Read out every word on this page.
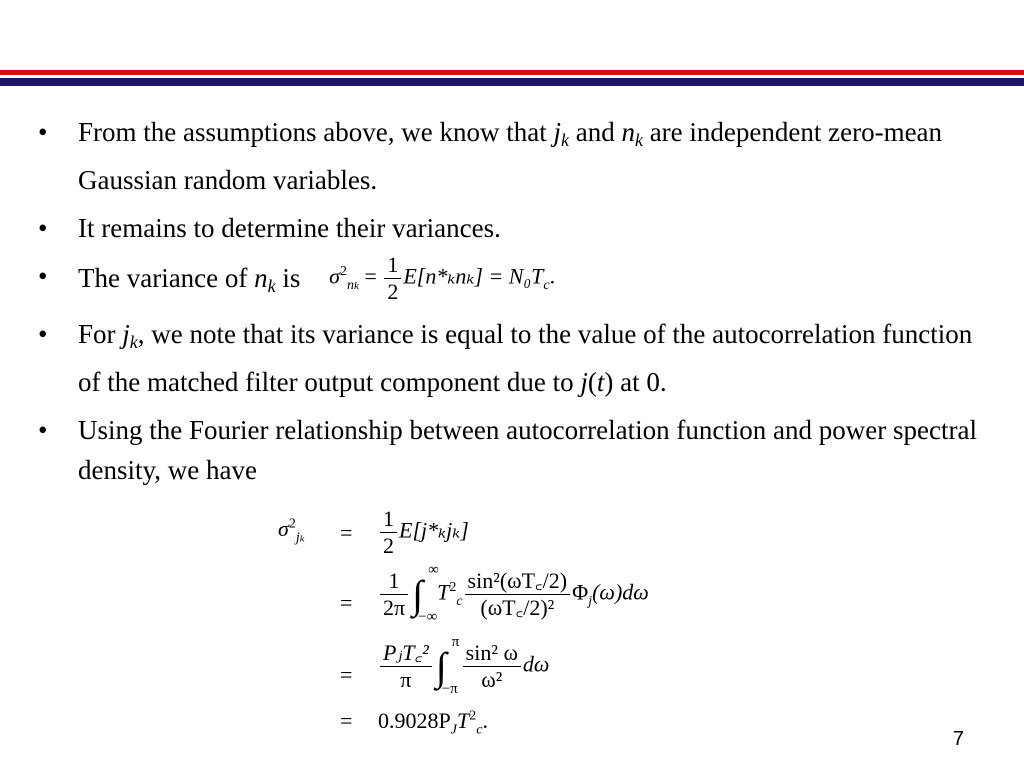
• From the assumptions above, we know that $j_k$ and $n_k$ are independent zero-mean Gaussian random variables.
• It remains to determine their variances.
• The variance of $n_k$ is $\sigma^2_{nk} = \frac{1}{2} E[n*_kn_k] = N_0T_c$.
• For $j_k$, we note that its variance is equal to the value of the autocorrelation function of the matched filter output component due to j(t) at 0.
• Using the Fourier relationship between autocorrelation function and power spectral density, we have
$\sigma^2_{j_k} = \frac{1}{2} E[j*_kj_k]$
= $\frac{1}{2\pi}$ ∫
∞
−∞
$T^2_c \frac{\text{sin²(ωT꜀/2)}}{\text{(ωT꜀/2)²}} \Phi_j(\omega)d\omega$
= $\frac{\text{PⱼT꜀²}}{\pi}$ ∫
π
$-\pi \frac{\text{sin² ω}}{\text{ω²}}$ dω
= $0.9028P_JT^2_c$.
7
